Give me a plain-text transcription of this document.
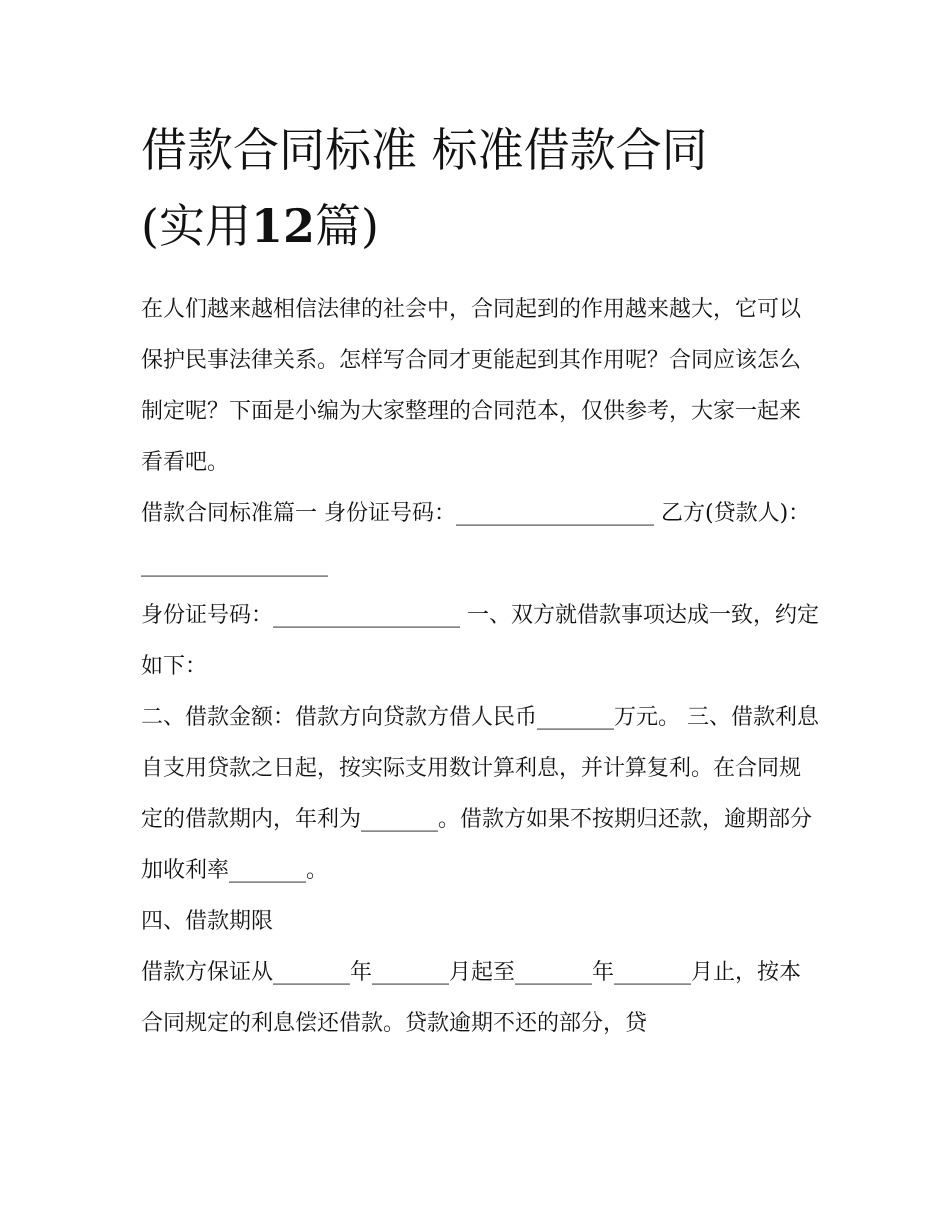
借款合同标准 标准借款合同
(实用12篇)

在人们越来越相信法律的社会中，合同起到的作用越来越大，它可以保护民事法律关系。怎样写合同才更能起到其作用呢？合同应该怎么制定呢？下面是小编为大家整理的合同范本，仅供参考，大家一起来看看吧。

借款合同标准篇一 身份证号码：__________________ 乙方(贷款人)：_________________

身份证号码：_________________ 一、双方就借款事项达成一致，约定如下：

二、借款金额：借款方向贷款方借人民币_______万元。 三、借款利息

自支用贷款之日起，按实际支用数计算利息，并计算复利。在合同规定的借款期内，年利为_______。借款方如果不按期归还款，逾期部分加收利率_______。

四、借款期限

借款方保证从_______年_______月起至_______年_______月止，按本合同规定的利息偿还借款。贷款逾期不还的部分，贷
